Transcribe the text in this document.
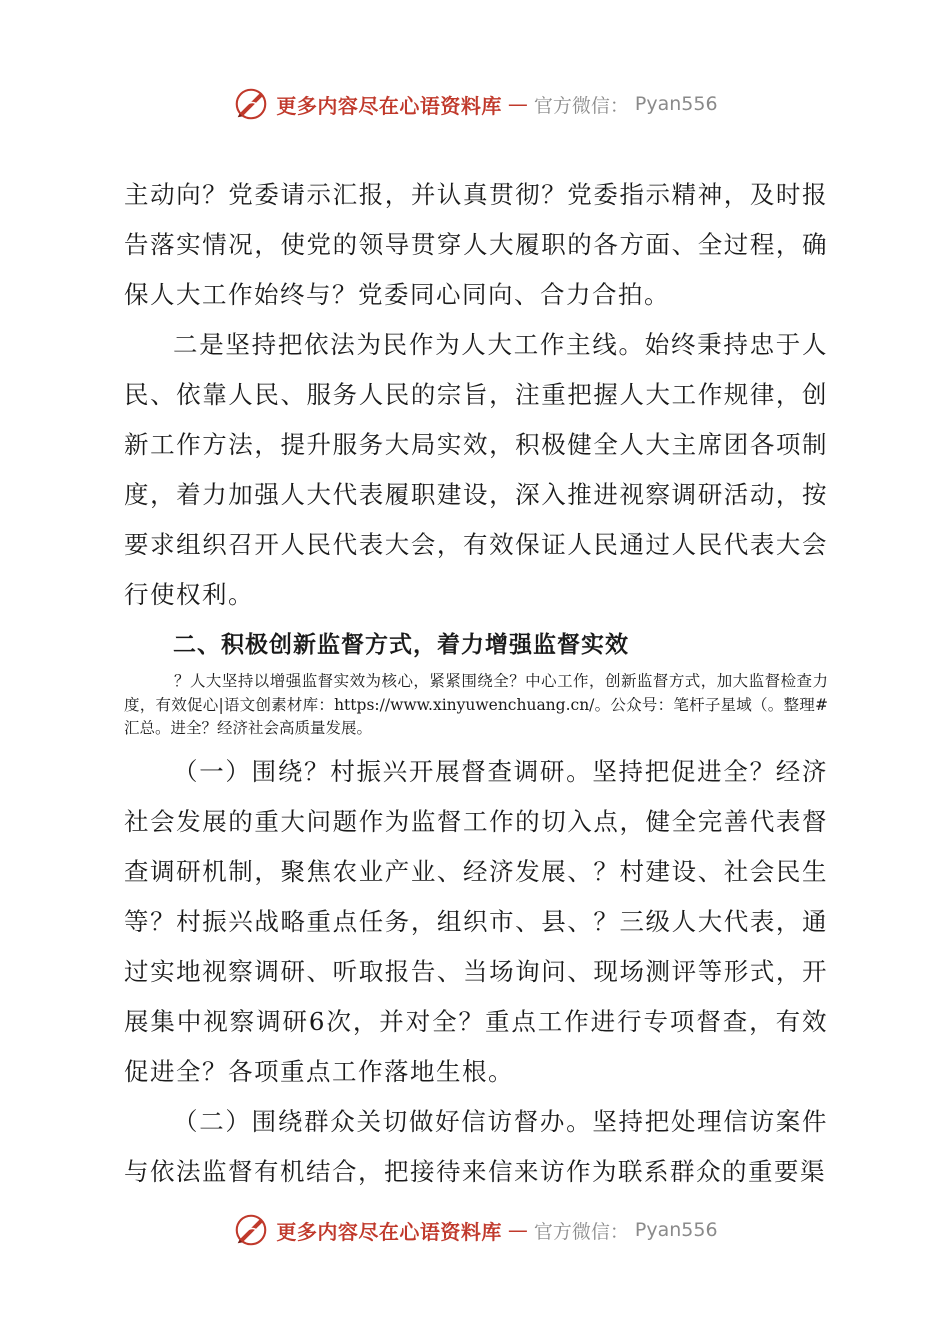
更多内容尽在心语资料库 — 官方微信： Pyan556

主动向？党委请示汇报，并认真贯彻？党委指示精神，及时报告落实情况，使党的领导贯穿人大履职的各方面、全过程，确保人大工作始终与？党委同心同向、合力合拍。

二是坚持把依法为民作为人大工作主线。始终秉持忠于人民、依靠人民、服务人民的宗旨，注重把握人大工作规律，创新工作方法，提升服务大局实效，积极健全人大主席团各项制度，着力加强人大代表履职建设，深入推进视察调研活动，按要求组织召开人民代表大会，有效保证人民通过人民代表大会行使权利。

二、积极创新监督方式，着力增强监督实效

？人大坚持以增强监督实效为核心，紧紧围绕全？中心工作，创新监督方式，加大监督检查力度，有效促心|语文创素材库：https://www.xinyuwenchuang.cn/。公众号：笔杆子星域（。整理#汇总。进全？经济社会高质量发展。

（一）围绕？村振兴开展督查调研。坚持把促进全？经济社会发展的重大问题作为监督工作的切入点，健全完善代表督查调研机制，聚焦农业产业、经济发展、？村建设、社会民生等？村振兴战略重点任务，组织市、县、？三级人大代表，通过实地视察调研、听取报告、当场询问、现场测评等形式，开展集中视察调研6次，并对全？重点工作进行专项督查，有效促进全？各项重点工作落地生根。

（二）围绕群众关切做好信访督办。坚持把处理信访案件与依法监督有机结合，把接待来信来访作为联系群众的重要渠

更多内容尽在心语资料库 — 官方微信： Pyan556
